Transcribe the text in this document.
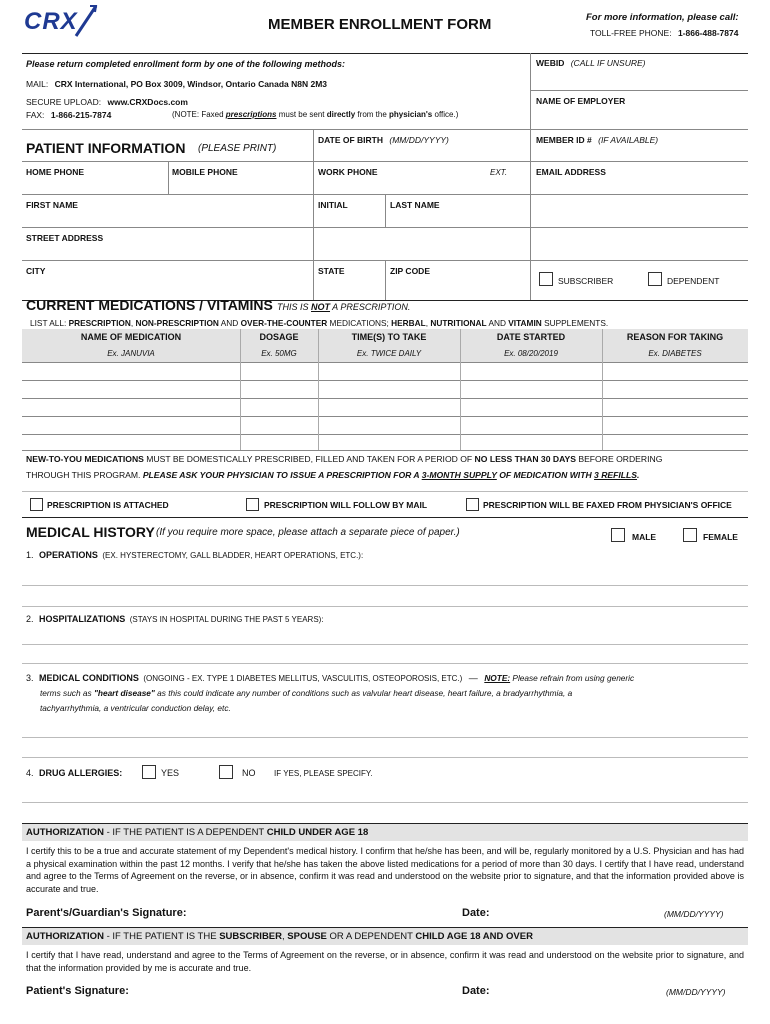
CRX	MEMBER ENROLLMENT FORM	For more information, please call:
TOLL-FREE PHONE: 1-866-488-7874
Please return completed enrollment form by one of the following methods:
MAIL: CRX International, PO Box 3009, Windsor, Ontario Canada N8N 2M3
SECURE UPLOAD: www.CRXDocs.com
FAX: 1-866-215-7874	(NOTE: Faxed prescriptions must be sent directly from the physician's office.)
WEBID (CALL IF UNSURE)
NAME OF EMPLOYER
PATIENT INFORMATION (PLEASE PRINT)
DATE OF BIRTH (MM/DD/YYYY)	MEMBER ID # (IF AVAILABLE)
HOME PHONE	MOBILE PHONE	WORK PHONE	EXT.	EMAIL ADDRESS
FIRST NAME	INITIAL	LAST NAME
STREET ADDRESS
CITY	STATE	ZIP CODE
SUBSCRIBER	DEPENDENT
CURRENT MEDICATIONS / VITAMINS THIS IS NOT A PRESCRIPTION.
LIST ALL: PRESCRIPTION, NON-PRESCRIPTION AND OVER-THE-COUNTER MEDICATIONS; HERBAL, NUTRITIONAL AND VITAMIN SUPPLEMENTS.
NAME OF MEDICATION	DOSAGE	TIME(S) TO TAKE	DATE STARTED	REASON FOR TAKING
Ex. JANUVIA	Ex. 50MG	Ex. TWICE DAILY	Ex. 08/20/2019	Ex. DIABETES
NEW-TO-YOU MEDICATIONS MUST BE DOMESTICALLY PRESCRIBED, FILLED AND TAKEN FOR A PERIOD OF NO LESS THAN 30 DAYS BEFORE ORDERING
THROUGH THIS PROGRAM. PLEASE ASK YOUR PHYSICIAN TO ISSUE A PRESCRIPTION FOR A 3-MONTH SUPPLY OF MEDICATION WITH 3 REFILLS.
PRESCRIPTION IS ATTACHED	PRESCRIPTION WILL FOLLOW BY MAIL	PRESCRIPTION WILL BE FAXED FROM PHYSICIAN'S OFFICE
MEDICAL HISTORY (If you require more space, please attach a separate piece of paper.)	MALE	FEMALE
1. OPERATIONS (EX. HYSTERECTOMY, GALL BLADDER, HEART OPERATIONS, ETC.):
2. HOSPITALIZATIONS (STAYS IN HOSPITAL DURING THE PAST 5 YEARS):
3. MEDICAL CONDITIONS (ONGOING - EX. TYPE 1 DIABETES MELLITUS, VASCULITIS, OSTEOPOROSIS, ETC.) — NOTE: Please refrain from using generic
terms such as "heart disease" as this could indicate any number of conditions such as valvular heart disease, heart failure, a bradyarrhythmia, a
tachyarrhythmia, a ventricular conduction delay, etc.
4. DRUG ALLERGIES:	YES	NO IF YES, PLEASE SPECIFY.
AUTHORIZATION - IF THE PATIENT IS A DEPENDENT CHILD UNDER AGE 18
I certify this to be a true and accurate statement of my Dependent's medical history. I confirm that he/she has been, and will be, regularly monitored by a U.S. Physician and has had a physical examination within the past 12 months. I verify that he/she has taken the above listed medications for a period of more than 30 days. I certify that I have read, understand and agree to the Terms of Agreement on the reverse, or in absence, confirm it was read and understood on the website prior to signature, and that the information provided above is accurate and true.
Parent's/Guardian's Signature:	Date:	(MM/DD/YYYY)
AUTHORIZATION - IF THE PATIENT IS THE SUBSCRIBER, SPOUSE OR A DEPENDENT CHILD AGE 18 AND OVER
I certify that I have read, understand and agree to the Terms of Agreement on the reverse, or in absence, confirm it was read and understood on the website prior to signature, and that the information provided by me is accurate and true.
Patient's Signature:	Date:	(MM/DD/YYYY)
